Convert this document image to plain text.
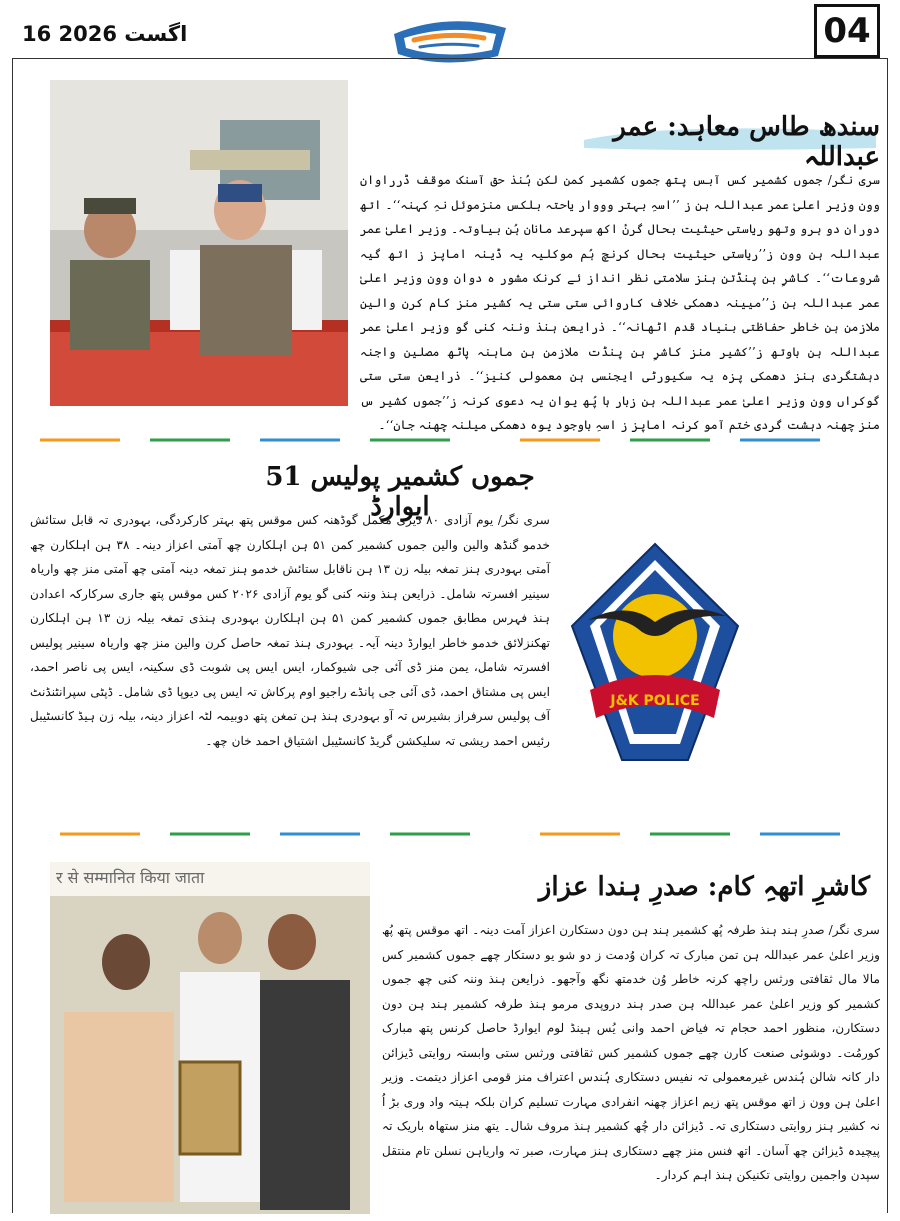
16 اگست 2026	04
سندھ طاس معاہد: عمر عبداللہ
سری نگر/ جموں کشمیر کس آبس پتھ جموں کشمیر کمن لکن ہُنذ حق آسنک موقف ڈرراوان وون وزیر اعلیٰ عمر عبداللہ ہن ز ’’اسہِ بہتر وووار یاحتہ بلکس منزموئل نہِ کہنہ‘‘۔ اتھ دوران دو ہرو وتھو ریاستی حیثیت بحال گرنٔ اکھ سپرعد مانان ہُن بیاوتہ۔ وزیر اعلیٰ عمر عبداللہ ہن وون ز’’ریاستی حیثیت بحال کرنچ ہُم موکلیہ یہ ڈینہ اماپز ز اتھ گیہ شروعات‘‘۔ کاشرِ ہن پنڈتن ہنز سلامتی نظر انداز ئے کرنک مشور ہ دوان وون وزیر اعلیٰ عمر عبداللہ ہن ز’’میینہ دھمکی خلاف کاروائی ستی ستی یہ کشیر منز کام کرن والین ملازمن ہن خاطر حفاظتی بنیاد قدم اٹھانہ‘‘۔ ذرایعن ہنذ وننہ کنی گو وزیر اعلیٰ عمر عبداللہ ہن باوتھ ز’’کشیر منز کاشرِ ہن پنڈت ملازمن ہن ماہنہ پاٹھ مصلین واجنہ دہشتگردی ہنز دھمکی پزہ یہ سکیورٹی ایجنسی ہن معمولی کنیز‘‘۔ ذرایعن ستی ستی گوکراں وون وزیر اعلیٰ عمر عبداللہ ہن زبار ہا پُھ یوان یہ دعوی کرنہ ز’’جموں کشیر س منز چھنہ دہشت گردی ختم آمو کرنہ اماپز ز اسہِ باوجود یوہ دھمکی میلنہ چھنہ جان‘‘۔
جموں کشمیر پولیس 51 ایوارڈ
سری نگر/ یوم آزادی ۸۰ ڈیری مکمل گوڈھنہ کس موقس پتھ بہتر کارکردگی، بہودری تہ قابل ستائش خدمو گنڈھ والین والین جموں کشمیر کمن ۵۱ ہن اہلکارن چھ آمتی اعزاز دینہ۔ ۳۸ ہن اہلکارن چھ آمتی بہودری ہنز تمغہ بیلہ زن ۱۳ ہن ناقابل ستائش خدمو ہنز تمغہ دینہ آمتی چھ آمتی منز چھ واریاہ سینیر افسرتہ شامل۔ ذرایعن ہنذ وننہ کنی گو یوم آزادی ۲۰۲۶ کس موقس پتھ جاری سرکارکہ اعدادن ہنذ فہرس مطابق جموں کشمیر کمن ۵۱ ہن اہلکارن بہودری ہنذی تمغہ بیلہ زن ۱۳ ہن اہلکارن تھکنزلائق خدمو خاطر ایوارڈ دینہ آیہ۔ بہودری ہنذ تمغہ حاصل کرن والین منز چھ واریاہ سینیر پولیس افسرتہ شامل، یمن منز ڈی آئی جی شیوکمار، ایس ایس پی شوبت ڈی سکینہ، ایس پی ناصر احمد، ایس پی مشتاق احمد، ڈی آئی جی پانڈے راجیو اوم پرکاش تہ ایس پی دیوپا ڈی شامل۔ ڈپٹی سپرانٹنڈنٹ آف پولیس سرفراز بشیرس تہ آو بہودری ہنذ ہن تمغن پتھ دوبیمہ لٹہ اعزاز دینہ، بیلہ زن ہیڈ کانسٹیبل رئیس احمد ریشی تہ سلیکشن گریڈ کانسٹیبل اشتیاق احمد خان چھ۔
J&K POLICE
र से सम्मानित किया जाता	کاشرِ اتھہِ کام: صدرِ ہندا عزاز
سری نگر/ صدرِ ہند ہنذ طرفہ پُھ کشمیر ہند ہن دون دستکارن اعزاز آمت دینہ۔ اتھ موقس پتھ پُھ وزیر اعلیٰ عمر عبداللہ ہن تمن مبارک تہ کران وُدمت ز دو شو یو دستکار چھے جموں کشمیر کس مالا مال ثقافتی ورثس راچھ کرنہ خاطر وُن خدمتھ نگھ وآجھو۔ ذرایعن ہنذ وننہ کنی چھ جموں کشمیر کو وزیر اعلیٰ عمر عبداللہ ہن صدر ہند دروپدی مرمو ہنذ طرفہ کشمیر ہند ہن دون دستکارن، منظور احمد حجام تہ فیاض احمد وانی یُس ہینڈ لوم ایوارڈ حاصل کرنس پتھ مبارک کورمُت۔ دوشوئی صنعت کارن چھے جموں کشمیر کس ثقافتی ورثس ستی وابستہ روایتی ڈیزائن دار کانہ شالن ہُندس غیرمعمولی تہ نفیس دستکاری ہُندس اعتراف منز قومی اعزاز دیتمت۔ وزیر اعلیٰ ہن وون ز اتھ موقس پتھ زیم اعزاز چھنہ انفرادی مہارت تسلیم کران بلکہ ہیتہ واد وری بڑ اُ نہ کشیر ہنز روایتی دستکاری تہ۔ ڈیزائن دار چُھ کشمیر ہنذ مروف شال۔ یتھ منز ستھاہ باریک تہ پیچیدہ ڈیزائن چھ آسان۔ اتھ فنس منز چھے دستکاری ہنز مہارت، صبر تہ واریاہن نسلن تام منتقل سپدن واجمین روایتی تکنیکن ہنذ اہم کردار۔
